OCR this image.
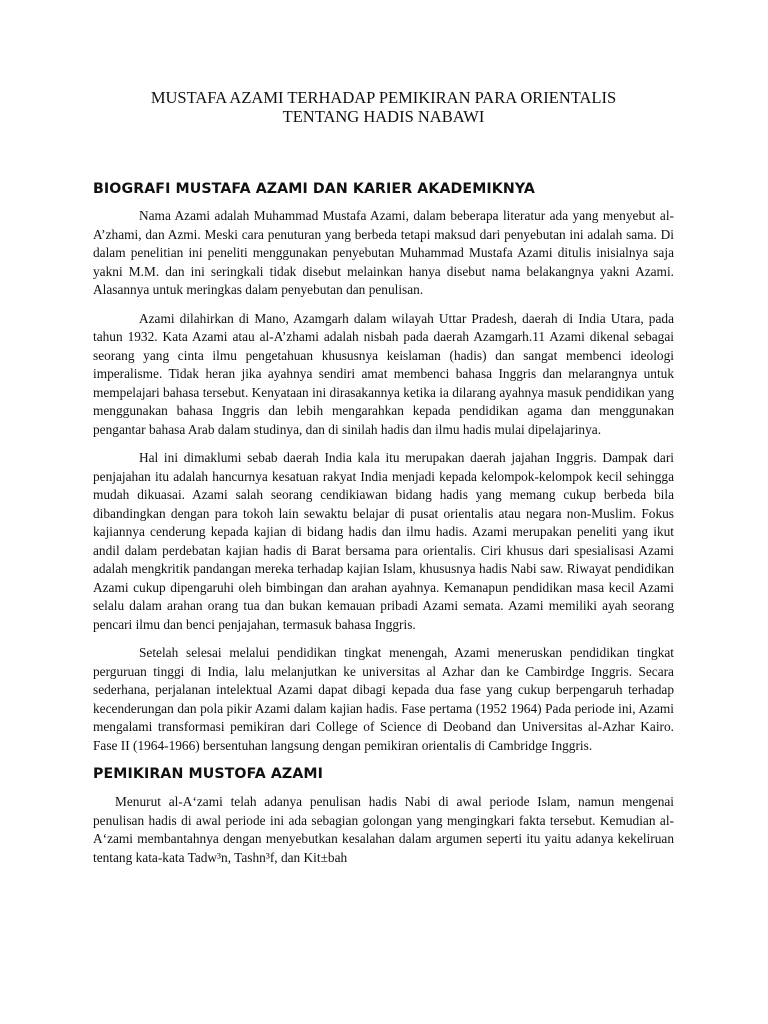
MUSTAFA AZAMI TERHADAP PEMIKIRAN PARA ORIENTALIS
TENTANG HADIS NABAWI
BIOGRAFI MUSTAFA AZAMI DAN KARIER AKADEMIKNYA

Nama Azami adalah Muhammad Mustafa Azami, dalam beberapa literatur ada yang menyebut al-A’zhami, dan Azmi. Meski cara penuturan yang berbeda tetapi maksud dari penyebutan ini adalah sama. Di dalam penelitian ini peneliti menggunakan penyebutan Muhammad Mustafa Azami ditulis inisialnya saja yakni M.M. dan ini seringkali tidak disebut melainkan hanya disebut nama belakangnya yakni Azami. Alasannya untuk meringkas dalam penyebutan dan penulisan.

Azami dilahirkan di Mano, Azamgarh dalam wilayah Uttar Pradesh, daerah di India Utara, pada tahun 1932. Kata Azami atau al-A’zhami adalah nisbah pada daerah Azamgarh.11 Azami dikenal sebagai seorang yang cinta ilmu pengetahuan khususnya keislaman (hadis) dan sangat membenci ideologi imperalisme. Tidak heran jika ayahnya sendiri amat membenci bahasa Inggris dan melarangnya untuk mempelajari bahasa tersebut. Kenyataan ini dirasakannya ketika ia dilarang ayahnya masuk pendidikan yang menggunakan bahasa Inggris dan lebih mengarahkan kepada pendidikan agama dan menggunakan pengantar bahasa Arab dalam studinya, dan di sinilah hadis dan ilmu hadis mulai dipelajarinya.

Hal ini dimaklumi sebab daerah India kala itu merupakan daerah jajahan Inggris. Dampak dari penjajahan itu adalah hancurnya kesatuan rakyat India menjadi kepada kelompok-kelompok kecil sehingga mudah dikuasai. Azami salah seorang cendikiawan bidang hadis yang memang cukup berbeda bila dibandingkan dengan para tokoh lain sewaktu belajar di pusat orientalis atau negara non-Muslim. Fokus kajiannya cenderung kepada kajian di bidang hadis dan ilmu hadis. Azami merupakan peneliti yang ikut andil dalam perdebatan kajian hadis di Barat bersama para orientalis. Ciri khusus dari spesialisasi Azami adalah mengkritik pandangan mereka terhadap kajian Islam, khususnya hadis Nabi saw. Riwayat pendidikan Azami cukup dipengaruhi oleh bimbingan dan arahan ayahnya. Kemanapun pendidikan masa kecil Azami selalu dalam arahan orang tua dan bukan kemauan pribadi Azami semata. Azami memiliki ayah seorang pencari ilmu dan benci penjajahan, termasuk bahasa Inggris.

Setelah selesai melalui pendidikan tingkat menengah, Azami meneruskan pendidikan tingkat perguruan tinggi di India, lalu melanjutkan ke universitas al Azhar dan ke Cambirdge Inggris. Secara sederhana, perjalanan intelektual Azami dapat dibagi kepada dua fase yang cukup berpengaruh terhadap kecenderungan dan pola pikir Azami dalam kajian hadis. Fase pertama (1952 1964) Pada periode ini, Azami mengalami transformasi pemikiran dari College of Science di Deoband dan Universitas al-Azhar Kairo. Fase II (1964-1966) bersentuhan langsung dengan pemikiran orientalis di Cambridge Inggris.

PEMIKIRAN MUSTOFA AZAMI

Menurut al-A‘zami telah adanya penulisan hadis Nabi di awal periode Islam, namun mengenai penulisan hadis di awal periode ini ada sebagian golongan yang mengingkari fakta tersebut. Kemudian al-A‘zami membantahnya dengan menyebutkan kesalahan dalam argumen seperti itu yaitu adanya kekeliruan tentang kata-kata Tadw³n, Tashn³f, dan Kit±bah
